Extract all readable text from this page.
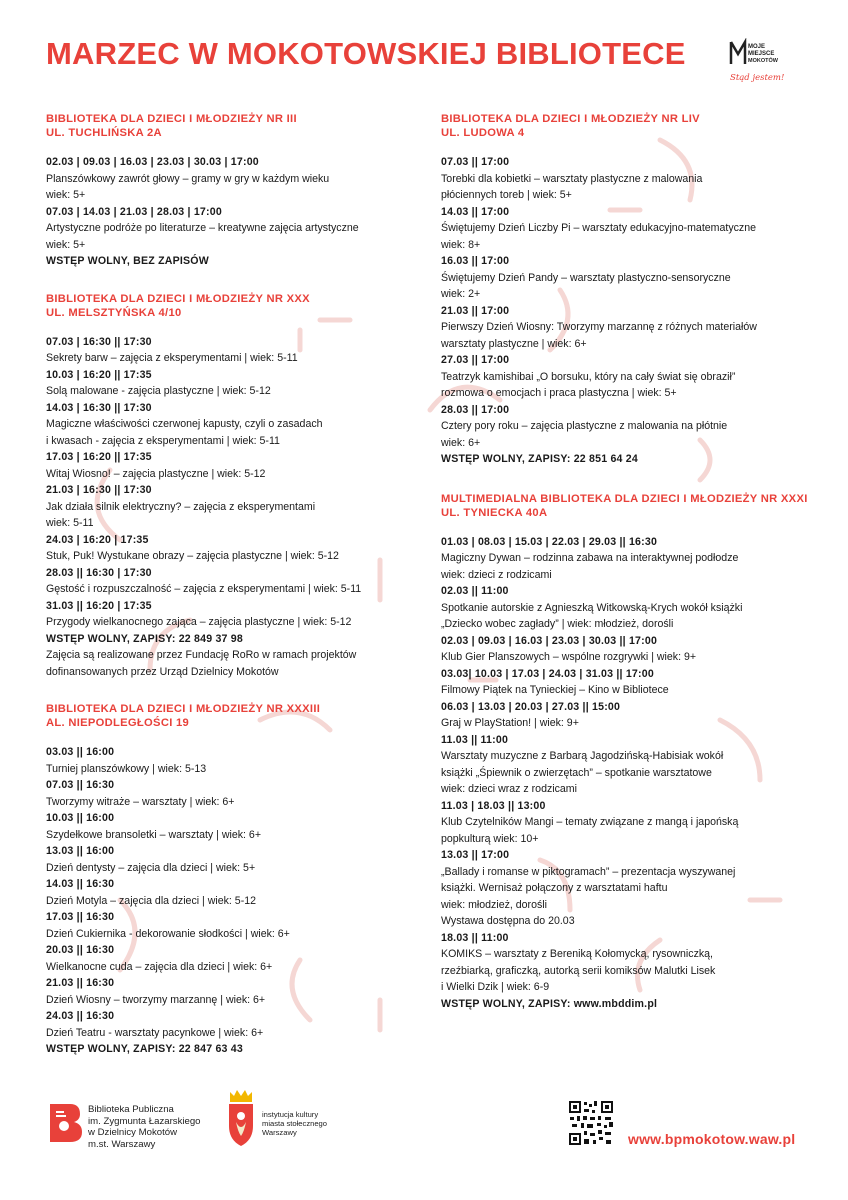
MARZEC W MOKOTOWSKIEJ BIBLIOTECE	MOJE
MIEJSCE
MOKOTÓW
Stąd jestem!
BIBLIOTEKA DLA DZIECI I MŁODZIEŻY NR III
UL. TUCHLIŃSKA 2A
02.03 | 09.03 | 16.03 | 23.03 | 30.03 | 17:00
Planszówkowy zawrót głowy – gramy w gry w każdym wieku
wiek: 5+
07.03 | 14.03 | 21.03 | 28.03 | 17:00
Artystyczne podróże po literaturze – kreatywne zajęcia artystyczne
wiek: 5+
WSTĘP WOLNY, BEZ ZAPISÓW
BIBLIOTEKA DLA DZIECI I MŁODZIEŻY NR XXX
UL. MELSZTYŃSKA 4/10
07.03 | 16:30 || 17:30
Sekrety barw – zajęcia z eksperymentami | wiek: 5-11
10.03 | 16:20 || 17:35
Solą malowane - zajęcia plastyczne | wiek: 5-12
14.03 | 16:30 || 17:30
Magiczne właściwości czerwonej kapusty, czyli o zasadach
i kwasach - zajęcia z eksperymentami | wiek: 5-11
17.03 | 16:20 || 17:35
Witaj Wiosno! – zajęcia plastyczne | wiek: 5-12
21.03 | 16:30 || 17:30
Jak działa silnik elektryczny? – zajęcia z eksperymentami
wiek: 5-11
24.03 | 16:20 | 17:35
Stuk, Puk! Wystukane obrazy – zajęcia plastyczne | wiek: 5-12
28.03 || 16:30 | 17:30
Gęstość i rozpuszczalność – zajęcia z eksperymentami | wiek: 5-11
31.03 || 16:20 | 17:35
Przygody wielkanocnego zająca – zajęcia plastyczne | wiek: 5-12
WSTĘP WOLNY, ZAPISY: 22 849 37 98
Zajęcia są realizowane przez Fundację RoRo w ramach projektów dofinansowanych przez Urząd Dzielnicy Mokotów
BIBLIOTEKA DLA DZIECI I MŁODZIEŻY NR XXXIII
AL. NIEPODLEGŁOŚCI 19
03.03 || 16:00
Turniej planszówkowy | wiek: 5-13
07.03 || 16:30
Tworzymy witraże – warsztaty | wiek: 6+
10.03 || 16:00
Szydełkowe bransoletki – warsztaty | wiek: 6+
13.03 || 16:00
Dzień dentysty – zajęcia dla dzieci | wiek: 5+
14.03 || 16:30
Dzień Motyla – zajęcia dla dzieci | wiek: 5-12
17.03 || 16:30
Dzień Cukiernika - dekorowanie słodkości | wiek: 6+
20.03 || 16:30
Wielkanocne cuda – zajęcia dla dzieci | wiek: 6+
21.03 || 16:30
Dzień Wiosny – tworzymy marzannę | wiek: 6+
24.03 || 16:30
Dzień Teatru - warsztaty pacynkowe | wiek: 6+
WSTĘP WOLNY, ZAPISY: 22 847 63 43
BIBLIOTEKA DLA DZIECI I MŁODZIEŻY NR LIV
UL. LUDOWA 4
07.03 || 17:00
Torebki dla kobietki – warsztaty plastyczne z malowania
płóciennych toreb | wiek: 5+
14.03 || 17:00
Świętujemy Dzień Liczby Pi – warsztaty edukacyjno-matematyczne
wiek: 8+
16.03 || 17:00
Świętujemy Dzień Pandy – warsztaty plastyczno-sensoryczne
wiek: 2+
21.03 || 17:00
Pierwszy Dzień Wiosny: Tworzymy marzannę z różnych materiałów
warsztaty plastyczne | wiek: 6+
27.03 || 17:00
Teatrzyk kamishibai „O borsuku, który na cały świat się obraził”
rozmowa o emocjach i praca plastyczna | wiek: 5+
28.03 || 17:00
Cztery pory roku – zajęcia plastyczne z malowania na płótnie
wiek: 6+
WSTĘP WOLNY, ZAPISY: 22 851 64 24
MULTIMEDIALNA BIBLIOTEKA DLA DZIECI I MŁODZIEŻY NR XXXI
UL. TYNIECKA 40A
01.03 | 08.03 | 15.03 | 22.03 | 29.03 || 16:30
Magiczny Dywan – rodzinna zabawa na interaktywnej podłodze
wiek: dzieci z rodzicami
02.03 || 11:00
Spotkanie autorskie z Agnieszką Witkowską-Krych wokół książki
„Dziecko wobec zagłady” | wiek: młodzież, dorośli
02.03 | 09.03 | 16.03 | 23.03 | 30.03 || 17:00
Klub Gier Planszowych – wspólne rozgrywki | wiek: 9+
03.03| 10.03 | 17.03 | 24.03 | 31.03 || 17:00
Filmowy Piątek na Tynieckiej – Kino w Bibliotece
06.03 | 13.03 | 20.03 | 27.03 || 15:00
Graj w PlayStation! | wiek: 9+
11.03 || 11:00
Warsztaty muzyczne z Barbarą Jagodzińską-Habisiak wokół
książki „Śpiewnik o zwierzętach” – spotkanie warsztatowe
wiek: dzieci wraz z rodzicami
11.03 | 18.03 || 13:00
Klub Czytelników Mangi – tematy związane z mangą i japońską
popkulturą wiek: 10+
13.03 || 17:00
„Ballady i romanse w piktogramach” – prezentacja wyszywanej
książki. Wernisaż połączony z warsztatami haftu
wiek: młodzież, dorośli
Wystawa dostępna do 20.03
18.03 || 11:00
KOMIKS – warsztaty z Bereniką Kołomycką, rysowniczką,
rzeźbiarką, graficzką, autorką serii komiksów Malutki Lisek
i Wielki Dzik | wiek: 6-9
WSTĘP WOLNY, ZAPISY: www.mbddim.pl
Biblioteka Publiczna
im. Zygmunta Łazarskiego
w Dzielnicy Mokotów
m.st. Warszawy
instytucja kultury
miasta stołecznego
Warszawy	www.bpmokotow.waw.pl
